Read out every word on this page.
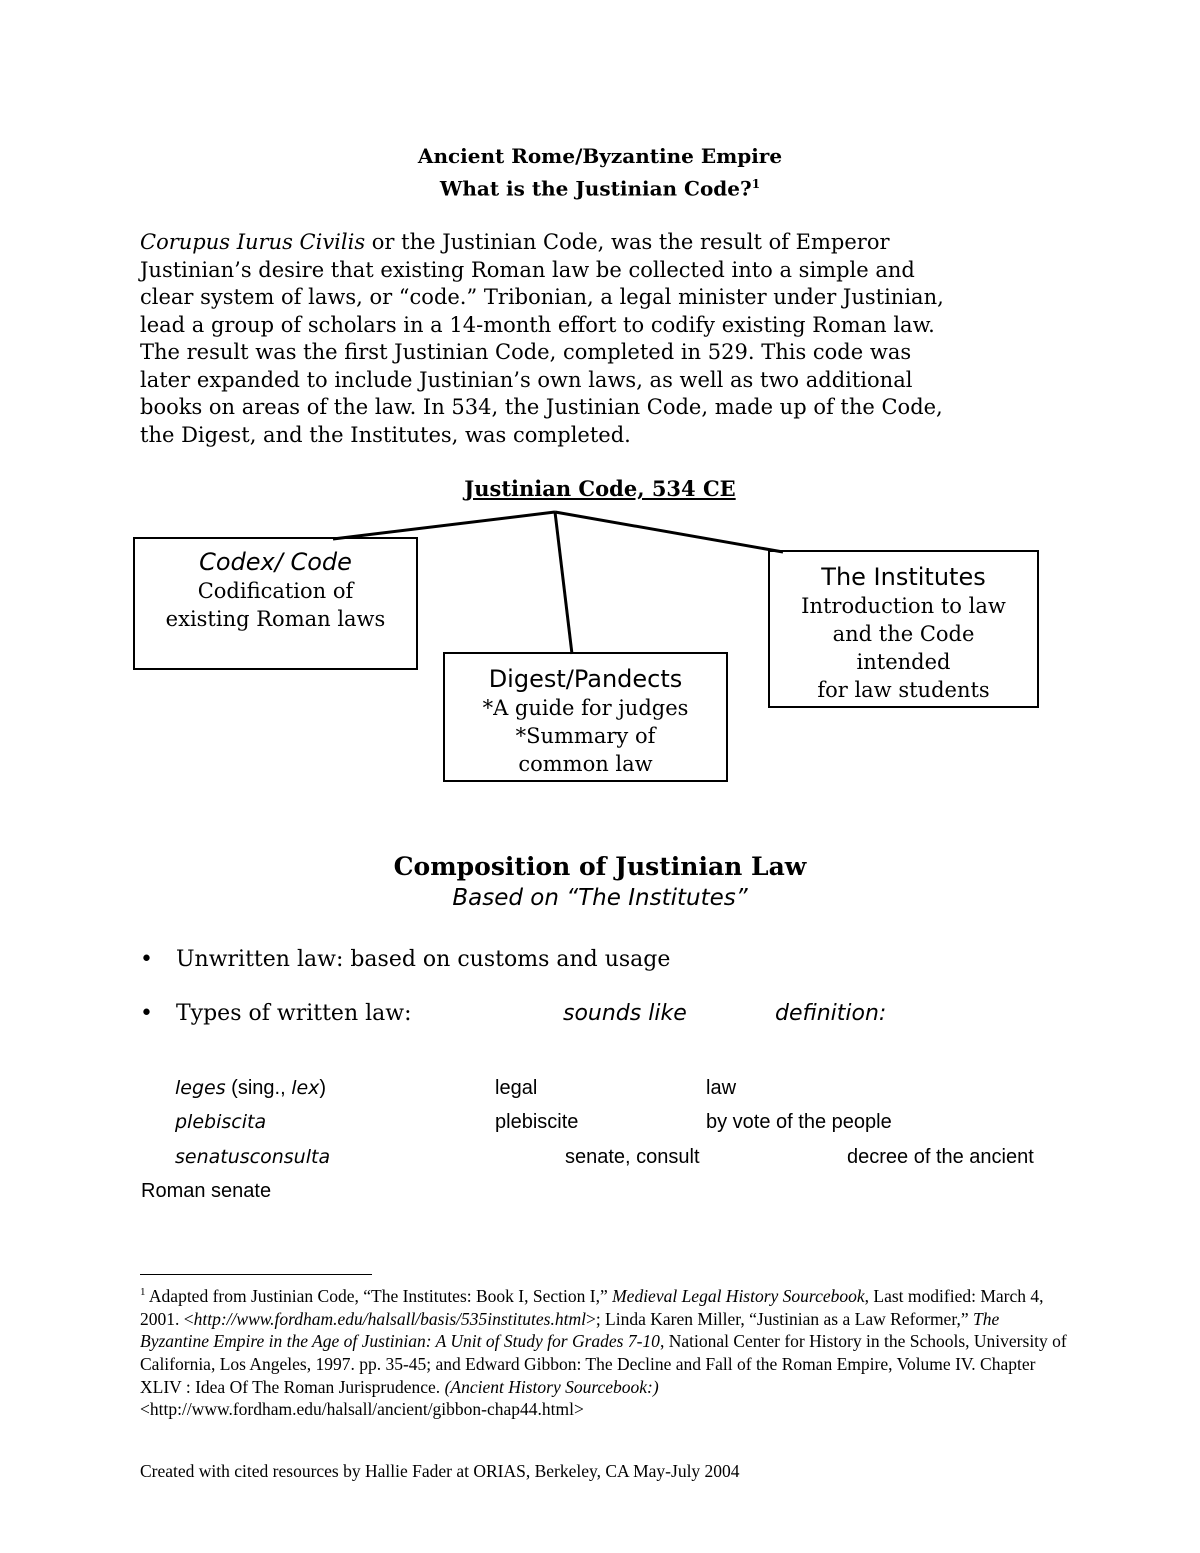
Ancient Rome/Byzantine Empire
What is the Justinian Code?$^1$

Corupus Iurus Civilis or the Justinian Code, was the result of Emperor
Justinian’s desire that existing Roman law be collected into a simple and
clear system of laws, or “code.” Tribonian, a legal minister under Justinian,
lead a group of scholars in a 14-month effort to codify existing Roman law.
The result was the first Justinian Code, completed in 529. This code was
later expanded to include Justinian’s own laws, as well as two additional
books on areas of the law. In 534, the Justinian Code, made up of the Code,
the Digest, and the Institutes, was completed.

Justinian Code, 534 CE
Codex/ Code
Codification of
existing Roman laws
Digest/Pandects
*A guide for judges
*Summary of
common law
The Institutes
Introduction to law
and the Code
intended
for law students
Composition of Justinian Law
Based on “The Institutes”
• Unwritten law: based on customs and usage
• Types of written law:	sounds like	definition:
leges (sing., lex)	legal	law
plebiscita	plebiscite	by vote of the people
senatusconsulta	senate, consult	decree of the ancient
Roman senate
$^1$ Adapted from Justinian Code, “The Institutes: Book I, Section I,” Medieval Legal History Sourcebook, Last modified: March 4, 2001. <http://www.fordham.edu/halsall/basis/535institutes.html>; Linda Karen Miller, “Justinian as a Law Reformer,” The Byzantine Empire in the Age of Justinian: A Unit of Study for Grades 7-10, National Center for History in the Schools, University of California, Los Angeles, 1997. pp. 35-45; and Edward Gibbon: The Decline and Fall of the Roman Empire, Volume IV. Chapter XLIV : Idea Of The Roman Jurisprudence. (Ancient History Sourcebook:)
<http://www.fordham.edu/halsall/ancient/gibbon-chap44.html>
Created with cited resources by Hallie Fader at ORIAS, Berkeley, CA May-July 2004
